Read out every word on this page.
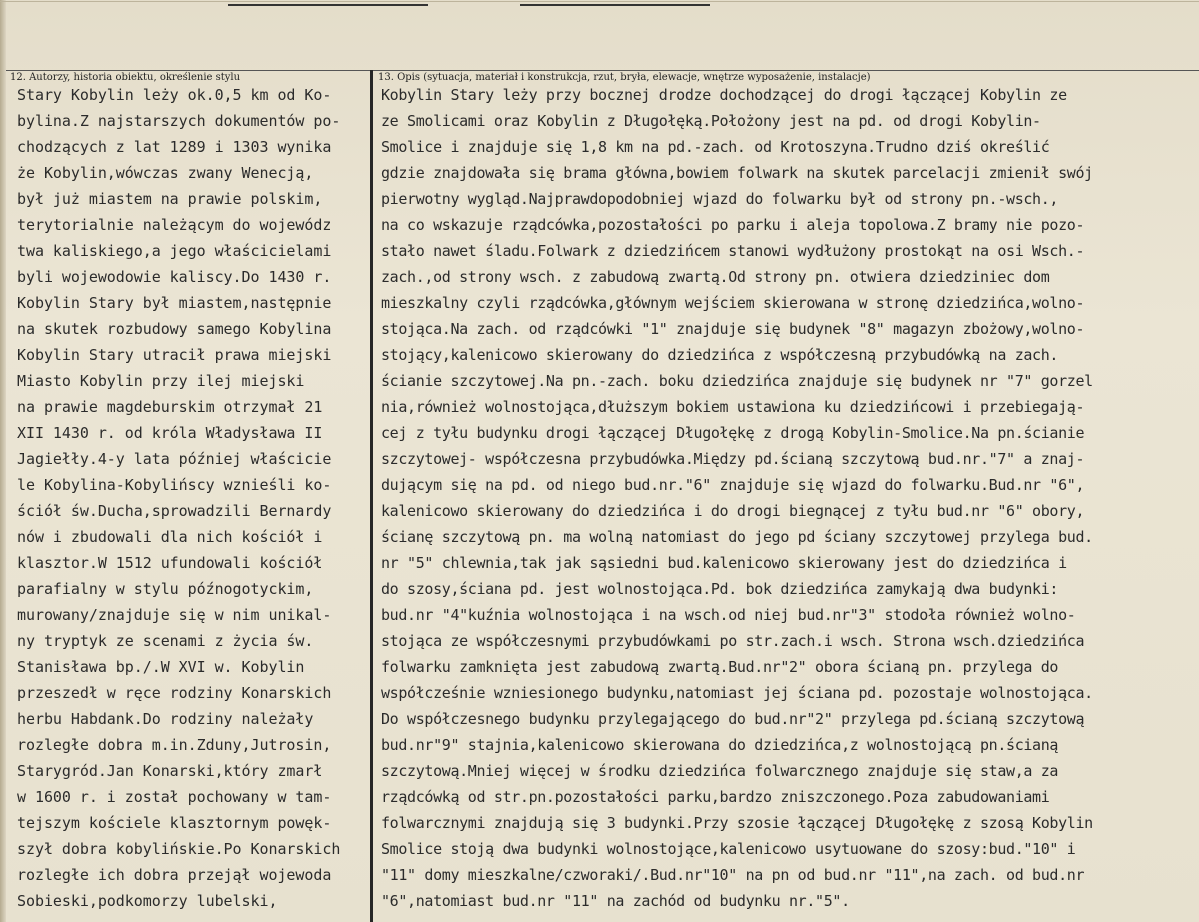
12. Autorzy, historia obiektu, określenie stylu	13. Opis (sytuacja, materiał i konstrukcja, rzut, bryła, elewacje, wnętrze wyposażenie, instalacje)
Stary Kobylin leży ok.0,5 km od Ko-
bylina.Z najstarszych dokumentów po-
chodzących z lat 1289 i 1303 wynika
że Kobylin,wówczas zwany Wenecją,
był już miastem na prawie polskim,
terytorialnie należącym do wojewódz
twa kaliskiego,a jego właścicielami
byli wojewodowie kaliscy.Do 1430 r.
Kobylin Stary był miastem,następnie
na skutek rozbudowy samego Kobylina
Kobylin Stary utracił prawa miejski
Miasto Kobylin przy ilej miejski
na prawie magdeburskim otrzymał 21
XII 1430 r. od króla Władysława II
Jagiełły.4-y lata później właścicie
le Kobylina-Kobylińscy wznieśli ko-
ściół św.Ducha,sprowadzili Bernardy
nów i zbudowali dla nich kościół i
klasztor.W 1512 ufundowali kościół
parafialny w stylu późnogotyckim,
murowany/znajduje się w nim unikal-
ny tryptyk ze scenami z życia św.
Stanisława bp./.W XVI w. Kobylin
przeszedł w ręce rodziny Konarskich
herbu Habdank.Do rodziny należały
rozległe dobra m.in.Zduny,Jutrosin,
Starygród.Jan Konarski,który zmarł
w 1600 r. i został pochowany w tam-
tejszym kościele klasztornym powęk-
szył dobra kobylińskie.Po Konarskich
rozległe ich dobra przejął wojewoda
Sobieski,podkomorzy lubelski,
Kobylin Stary leży przy bocznej drodze dochodzącej do drogi łączącej Kobylin ze
ze Smolicami oraz Kobylin z Długołęką.Położony jest na pd. od drogi Kobylin-
Smolice i znajduje się 1,8 km na pd.-zach. od Krotoszyna.Trudno dziś określić
gdzie znajdowała się brama główna,bowiem folwark na skutek parcelacji zmienił swój
pierwotny wygląd.Najprawdopodobniej wjazd do folwarku był od strony pn.-wsch.,
na co wskazuje rządcówka,pozostałości po parku i aleja topolowa.Z bramy nie pozo-
stało nawet śladu.Folwark z dziedzińcem stanowi wydłużony prostokąt na osi Wsch.-
zach.,od strony wsch. z zabudową zwartą.Od strony pn. otwiera dziedziniec dom
mieszkalny czyli rządcówka,głównym wejściem skierowana w stronę dziedzińca,wolno-
stojąca.Na zach. od rządcówki "1" znajduje się budynek "8" magazyn zbożowy,wolno-
stojący,kalenicowo skierowany do dziedzińca z współczesną przybudówką na zach.
ścianie szczytowej.Na pn.-zach. boku dziedzińca znajduje się budynek nr "7" gorzel
nia,również wolnostojąca,dłuższym bokiem ustawiona ku dziedzińcowi i przebiegają-
cej z tyłu budynku drogi łączącej Długołękę z drogą Kobylin-Smolice.Na pn.ścianie
szczytowej- współczesna przybudówka.Między pd.ścianą szczytową bud.nr."7" a znaj-
dującym się na pd. od niego bud.nr."6" znajduje się wjazd do folwarku.Bud.nr "6",
kalenicowo skierowany do dziedzińca i do drogi biegnącej z tyłu bud.nr "6" obory,
ścianę szczytową pn. ma wolną natomiast do jego pd ściany szczytowej przylega bud.
nr "5" chlewnia,tak jak sąsiedni bud.kalenicowo skierowany jest do dziedzińca i
do szosy,ściana pd. jest wolnostojąca.Pd. bok dziedzińca zamykają dwa budynki:
bud.nr "4"kuźnia wolnostojąca i na wsch.od niej bud.nr"3" stodoła również wolno-
stojąca ze współczesnymi przybudówkami po str.zach.i wsch. Strona wsch.dziedzińca
folwarku zamknięta jest zabudową zwartą.Bud.nr"2" obora ścianą pn. przylega do
współcześnie wzniesionego budynku,natomiast jej ściana pd. pozostaje wolnostojąca.
Do współczesnego budynku przylegającego do bud.nr"2" przylega pd.ścianą szczytową
bud.nr"9" stajnia,kalenicowo skierowana do dziedzińca,z wolnostojącą pn.ścianą
szczytową.Mniej więcej w środku dziedzińca folwarcznego znajduje się staw,a za
rządcówką od str.pn.pozostałości parku,bardzo zniszczonego.Poza zabudowaniami
folwarcznymi znajdują się 3 budynki.Przy szosie łączącej Długołękę z szosą Kobylin
Smolice stoją dwa budynki wolnostojące,kalenicowo usytuowane do szosy:bud."10" i
"11" domy mieszkalne/czworaki/.Bud.nr"10" na pn od bud.nr "11",na zach. od bud.nr
"6",natomiast bud.nr "11" na zachód od budynku nr."5".
